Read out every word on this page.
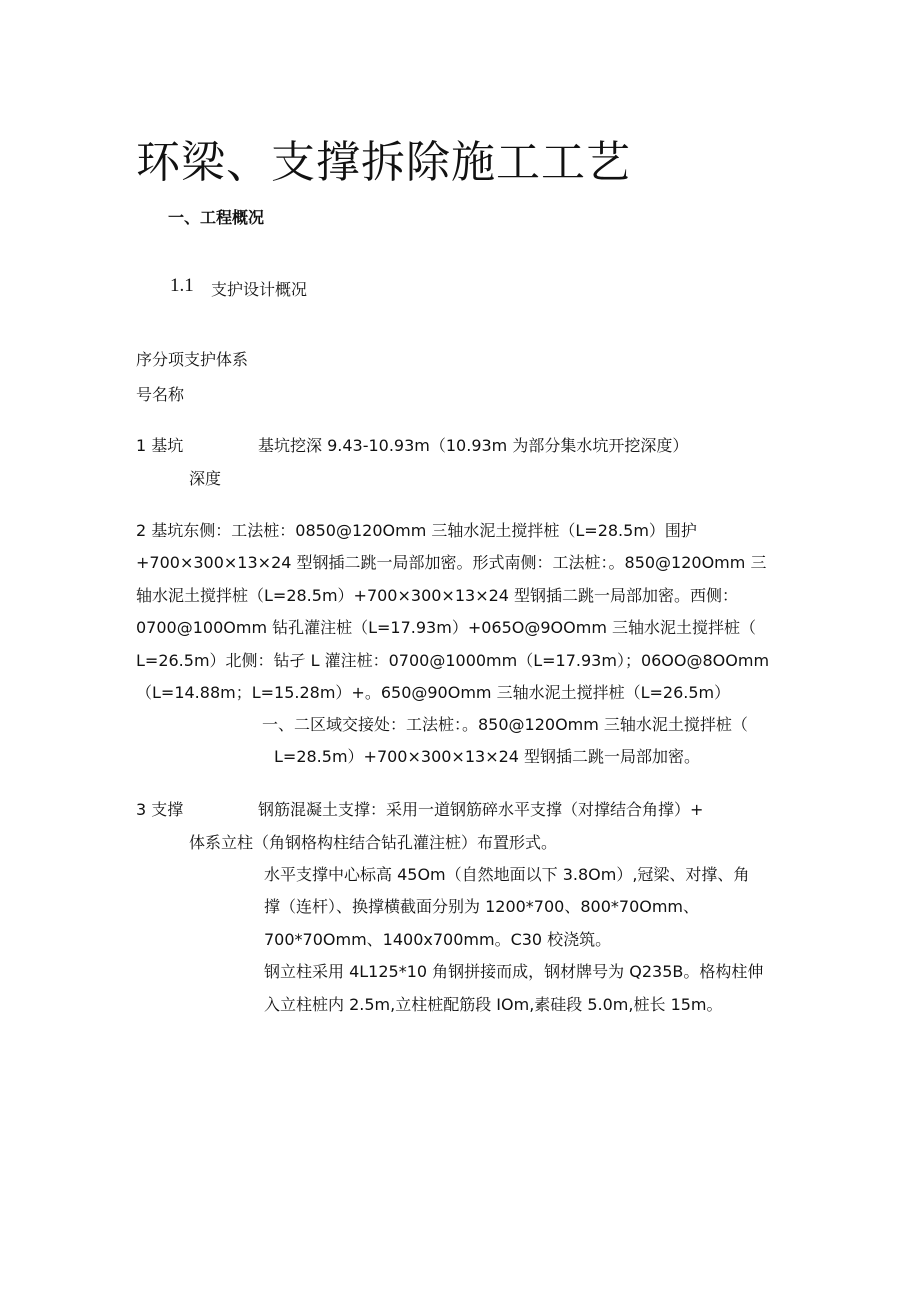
环梁、支撑拆除施工工艺
一、工程概况
1.1 支护设计概况
序分项支护体系
号名称
1 基坑	基坑挖深 9.43-10.93m（10.93m 为部分集水坑开挖深度）
深度
2 基坑东侧：工法桩：0850@120Omm 三轴水泥土搅拌桩（L=28.5m）围护
+700×300×13×24 型钢插二跳一局部加密。形式南侧：工法桩：。850@120Omm 三
轴水泥土搅拌桩（L=28.5m）+700×300×13×24 型钢插二跳一局部加密。西侧：
0700@100Omm 钻孔灌注桩（L=17.93m）+065O@9OOmm 三轴水泥土搅拌桩（
L=26.5m）北侧：钻孑 L 灌注桩：0700@1000mm（L=17.93m）；06OO@8OOmm
（L=14.88m；L=15.28m）+。650@90Omm 三轴水泥土搅拌桩（L=26.5m）
一、二区域交接处：工法桩：。850@120Omm 三轴水泥土搅拌桩（
L=28.5m）+700×300×13×24 型钢插二跳一局部加密。
3 支撑	钢筋混凝土支撑：采用一道钢筋碎水平支撑（对撑结合角撑）+
体系 立柱（角钢格构柱结合钻孔灌注桩）布置形式。
水平支撑中心标高 45Om（自然地面以下 3.8Om）,冠梁、对撑、角
撑（连杆）、换撑横截面分别为 1200*700、800*70Omm、
700*70Omm、1400x700mm。C30 校浇筑。
钢立柱采用 4L125*10 角钢拼接而成，钢材牌号为 Q235B。格构柱伸
入立柱桩内 2.5m,立柱桩配筋段 IOm,素硅段 5.0m,桩长 15m。
